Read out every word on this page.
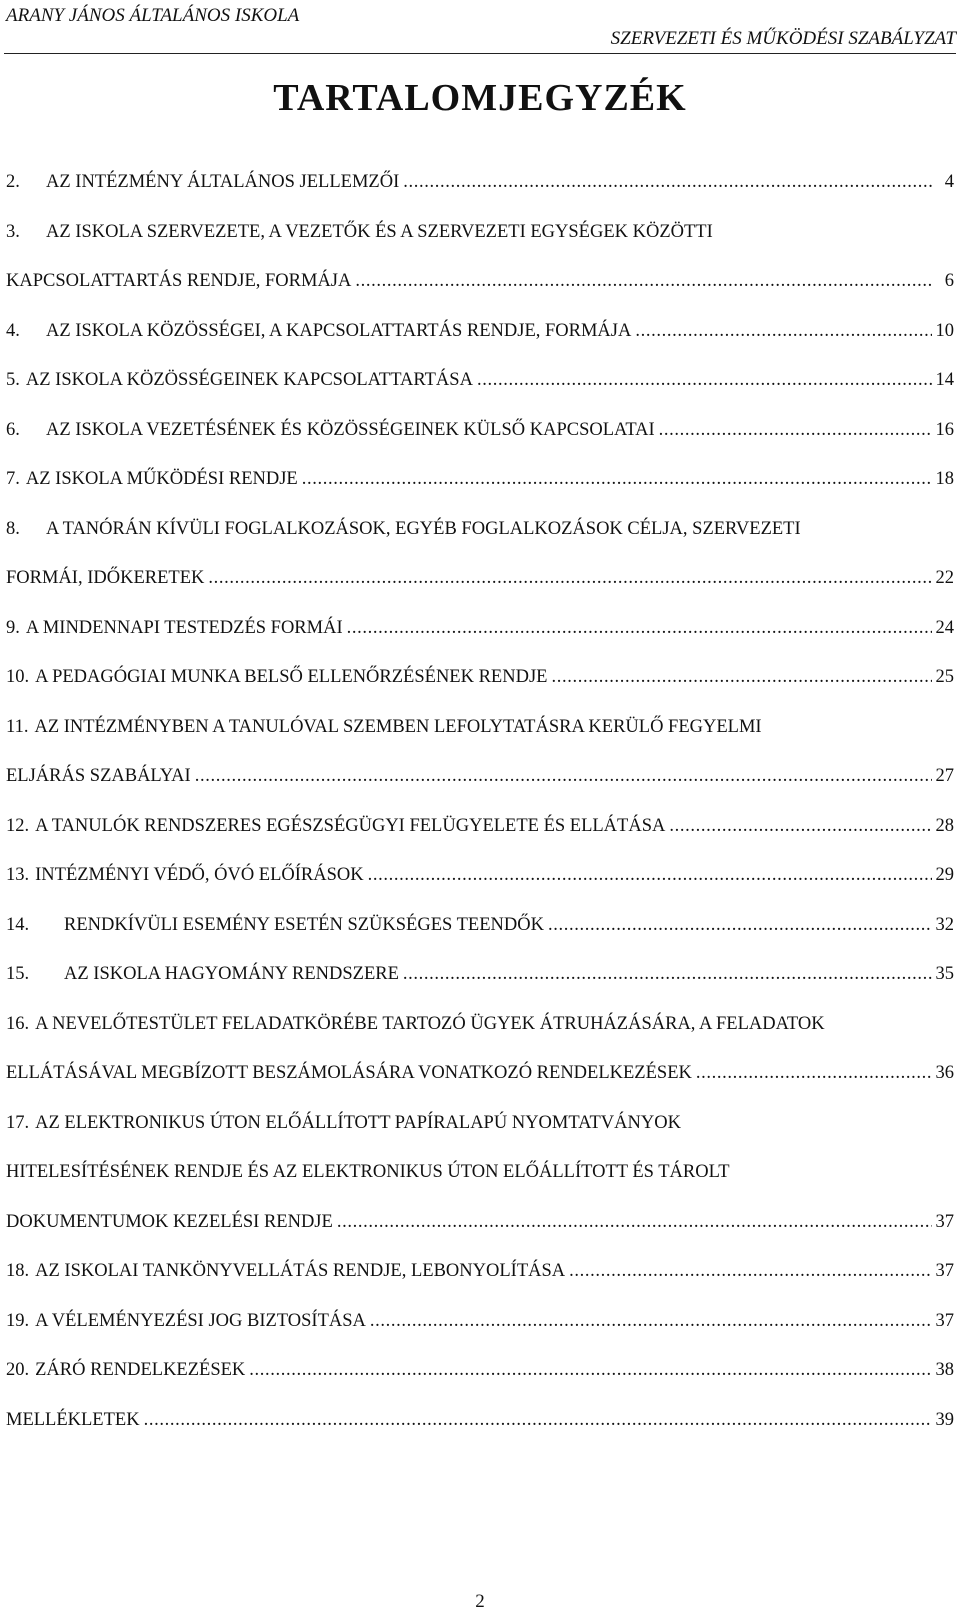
ARANY JÁNOS ÁLTALÁNOS ISKOLA
SZERVEZETI ÉS MŰKÖDÉSI SZABÁLYZAT
TARTALOMJEGYZÉK
2.	AZ INTÉZMÉNY ÁLTALÁNOS JELLEMZŐI . . .	4
3.	AZ ISKOLA SZERVEZETE, A VEZETŐK ÉS A SZERVEZETI EGYSÉGEK KÖZÖTTI
KAPCSOLATTARTÁS RENDJE, FORMÁJA . . .	6
4.	AZ ISKOLA KÖZÖSSÉGEI, A KAPCSOLATTARTÁS RENDJE, FORMÁJA . . .	10
5. AZ ISKOLA KÖZÖSSÉGEINEK KAPCSOLATTARTÁSA . . .	14
6.	AZ ISKOLA VEZETÉSÉNEK ÉS KÖZÖSSÉGEINEK KÜLSŐ KAPCSOLATAI . . .	16
7. AZ ISKOLA MŰKÖDÉSI RENDJE . . .	18
8.	A TANÓRÁN KÍVÜLI FOGLALKOZÁSOK, EGYÉB FOGLALKOZÁSOK CÉLJA, SZERVEZETI
FORMÁI, IDŐKERETEK . . .	22
9. A MINDENNAPI TESTEDZÉS FORMÁI . . .	24
10. A PEDAGÓGIAI MUNKA BELSŐ ELLENŐRZÉSÉNEK RENDJE . . .	25
11. AZ INTÉZMÉNYBEN A TANULÓVAL SZEMBEN LEFOLYTATÁSRA KERÜLŐ FEGYELMI
ELJÁRÁS SZABÁLYAI . . .	27
12. A TANULÓK RENDSZERES EGÉSZSÉGÜGYI FELÜGYELETE ÉS ELLÁTÁSA . . .	28
13. INTÉZMÉNYI VÉDŐ, ÓVÓ ELŐÍRÁSOK . . .	29
14.	RENDKÍVÜLI ESEMÉNY ESETÉN SZÜKSÉGES TEENDŐK . . .	32
15.	AZ ISKOLA HAGYOMÁNY RENDSZERE . . .	35
16. A NEVELŐTESTÜLET FELADATKÖRÉBE TARTOZÓ ÜGYEK ÁTRUHÁZÁSÁRA, A FELADATOK
ELLÁTÁSÁVAL MEGBÍZOTT BESZÁMOLÁSÁRA VONATKOZÓ RENDELKEZÉSEK . . .	36
17. AZ ELEKTRONIKUS ÚTON ELŐÁLLÍTOTT PAPÍRALAPÚ NYOMTATVÁNYOK
HITELESÍTÉSÉNEK RENDJE ÉS AZ ELEKTRONIKUS ÚTON ELŐÁLLÍTOTT ÉS TÁROLT
DOKUMENTUMOK KEZELÉSI RENDJE . . .	37
18. AZ ISKOLAI TANKÖNYVELLÁTÁS RENDJE, LEBONYOLÍTÁSA . . .	37
19. A VÉLEMÉNYEZÉSI JOG BIZTOSÍTÁSA . . .	37
20. ZÁRÓ RENDELKEZÉSEK . . .	38
MELLÉKLETEK . . .	39
2
